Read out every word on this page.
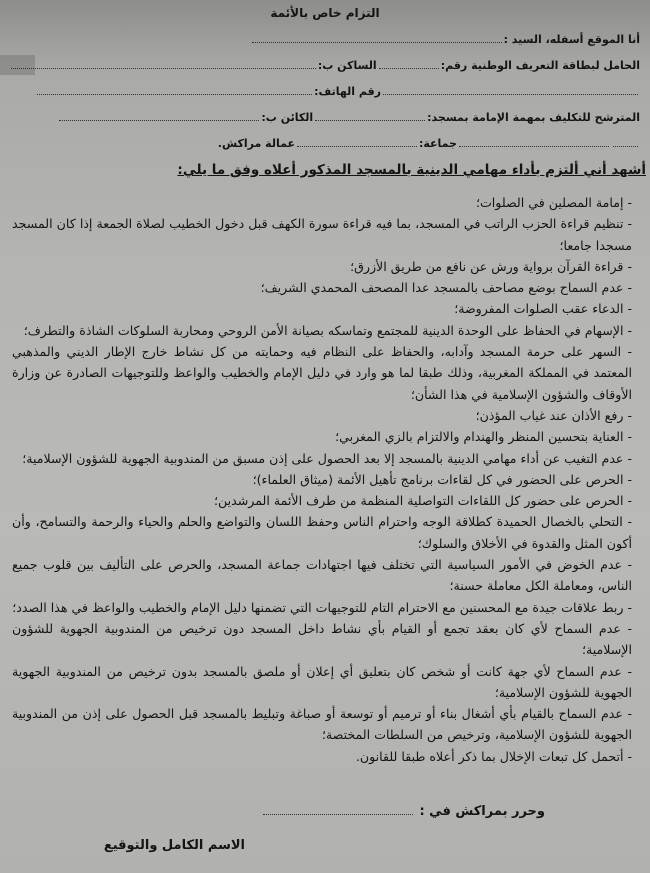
التزام خاص بالأئمة
أنا الموقع أسفله، السيد :
الحامل لبطاقة التعريف الوطنية رقم:
الساكن ب:
رقم الهاتف:
المترشح للتكليف بمهمة الإمامة بمسجد:
الكائن ب:
جماعة:
عمالة مراكش.
أشهد أني ألتزم بأداء مهامي الدينية بالمسجد المذكور أعلاه وفق ما يلي:

- إمامة المصلين في الصلوات؛

- تنظيم قراءة الحزب الراتب في المسجد، بما فيه قراءة سورة الكهف قبل دخول الخطيب لصلاة الجمعة إذا كان المسجد مسجدا جامعا؛

- قراءة القرآن برواية ورش عن نافع من طريق الأزرق؛

- عدم السماح بوضع مصاحف بالمسجد عدا المصحف المحمدي الشريف؛

- الدعاء عقب الصلوات المفروضة؛

- الإسهام في الحفاظ على الوحدة الدينية للمجتمع وتماسكه بصيانة الأمن الروحي ومحاربة السلوكات الشاذة والتطرف؛

- السهر على حرمة المسجد وآدابه، والحفاظ على النظام فيه وحمايته من كل نشاط خارج الإطار الديني والمذهبي المعتمد في المملكة المغربية، وذلك طبقا لما هو وارد في دليل الإمام والخطيب والواعظ وللتوجيهات الصادرة عن وزارة الأوقاف والشؤون الإسلامية في هذا الشأن؛

- رفع الأذان عند غياب المؤذن؛

- العناية بتحسين المنظر والهندام والالتزام بالزي المغربي؛

- عدم التغيب عن أداء مهامي الدينية بالمسجد إلا بعد الحصول على إذن مسبق من المندوبية الجهوية للشؤون الإسلامية؛

- الحرص على الحضور في كل لقاءات برنامج تأهيل الأئمة (ميثاق العلماء)؛

- الحرص على حضور كل اللقاءات التواصلية المنظمة من طرف الأئمة المرشدين؛

- التحلي بالخصال الحميدة كطلاقة الوجه واحترام الناس وحفظ اللسان والتواضع والحلم والحياء والرحمة والتسامح، وأن أكون المثل والقدوة في الأخلاق والسلوك؛

- عدم الخوض في الأمور السياسية التي تختلف فيها اجتهادات جماعة المسجد، والحرص على التأليف بين قلوب جميع الناس، ومعاملة الكل معاملة حسنة؛

- ربط علاقات جيدة مع المحسنين مع الاحترام التام للتوجيهات التي تضمنها دليل الإمام والخطيب والواعظ في هذا الصدد؛

- عدم السماح لأي كان بعقد تجمع أو القيام بأي نشاط داخل المسجد دون ترخيص من المندوبية الجهوية للشؤون الإسلامية؛

- عدم السماح لأي جهة كانت أو شخص كان بتعليق أي إعلان أو ملصق بالمسجد بدون ترخيص من المندوبية الجهوية الجهوية للشؤون الإسلامية؛

- عدم السماح بالقيام بأي أشغال بناء أو ترميم أو توسعة أو صباغة وتبليط بالمسجد قبل الحصول على إذن من المندوبية الجهوية للشؤون الإسلامية، وترخيص من السلطات المختصة؛

- أتحمل كل تبعات الإخلال بما ذكر أعلاه طبقا للقانون.

وحرر بمراكش في :
الاسم الكامل والتوقيع
